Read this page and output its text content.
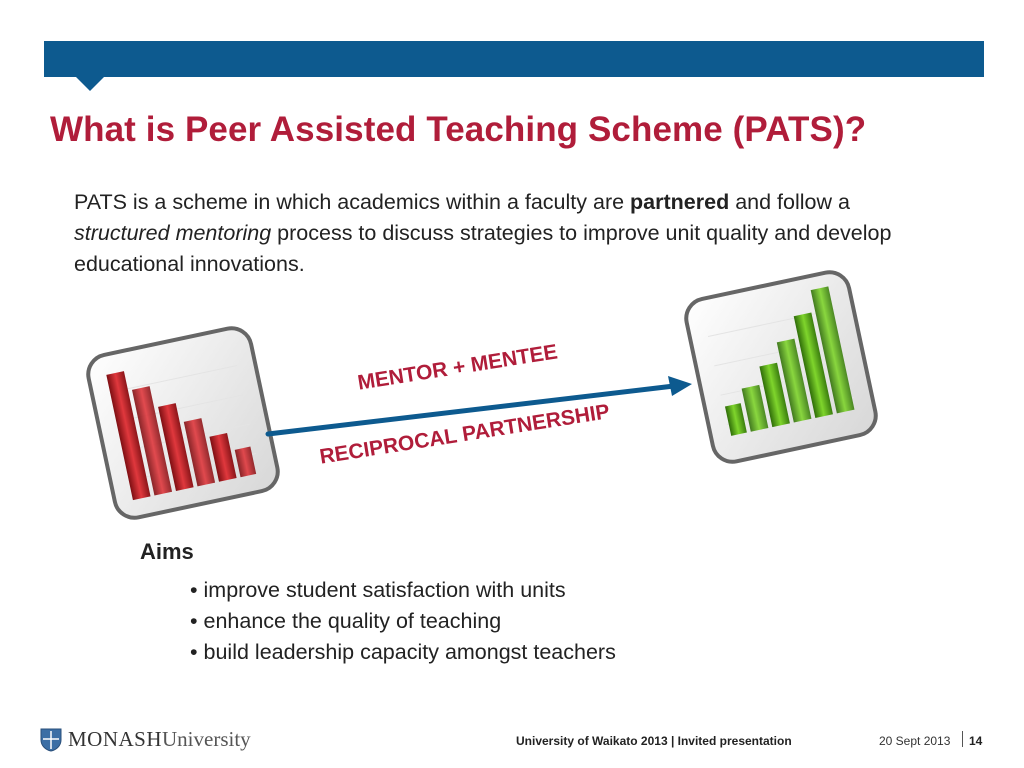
What is Peer Assisted Teaching Scheme (PATS)?

PATS is a scheme in which academics within a faculty are partnered and follow a structured mentoring process to discuss strategies to improve unit quality and develop educational innovations.

MENTOR + MENTEE
RECIPROCAL PARTNERSHIP
Aims
• improve student satisfaction with units
• enhance the quality of teaching
• build leadership capacity amongst teachers
MONASH University	University of Waikato 2013 | Invited presentation	20 Sept 2013 14
